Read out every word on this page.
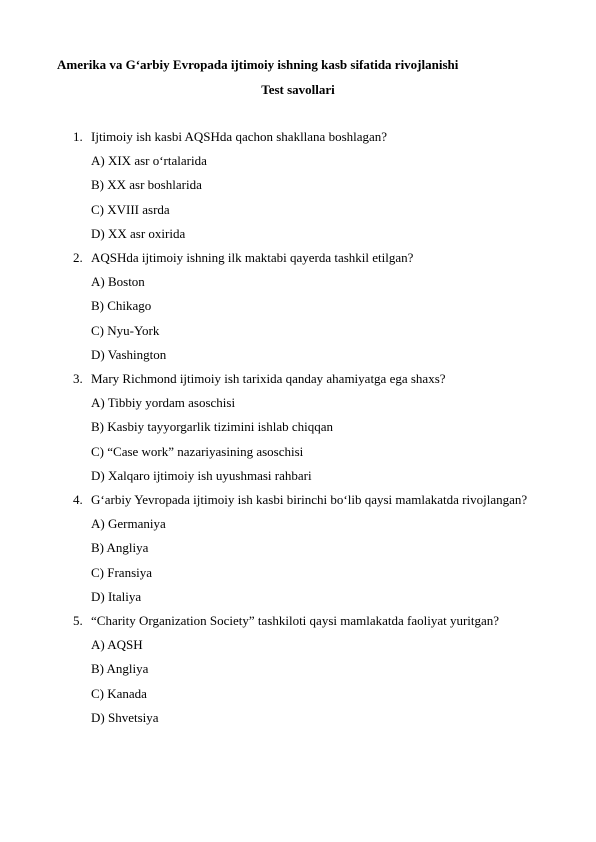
Amerika va G‘arbiy Evropada ijtimoiy ishning kasb sifatida rivojlanishi
Test savollari
1. Ijtimoiy ish kasbi AQSHda qachon shakllana boshlagan?
A) XIX asr o‘rtalarida
B) XX asr boshlarida
C) XVIII asrda
D) XX asr oxirida
2. AQSHda ijtimoiy ishning ilk maktabi qayerda tashkil etilgan?
A) Boston
B) Chikago
C) Nyu-York
D) Vashington
3. Mary Richmond ijtimoiy ish tarixida qanday ahamiyatga ega shaxs?
A) Tibbiy yordam asoschisi
B) Kasbiy tayyorgarlik tizimini ishlab chiqqan
C) “Case work” nazariyasining asoschisi
D) Xalqaro ijtimoiy ish uyushmasi rahbari
4. G‘arbiy Yevropada ijtimoiy ish kasbi birinchi bo‘lib qaysi mamlakatda rivojlangan?
A) Germaniya
B) Angliya
C) Fransiya
D) Italiya
5. “Charity Organization Society” tashkiloti qaysi mamlakatda faoliyat yuritgan?
A) AQSH
B) Angliya
C) Kanada
D) Shvetsiya
